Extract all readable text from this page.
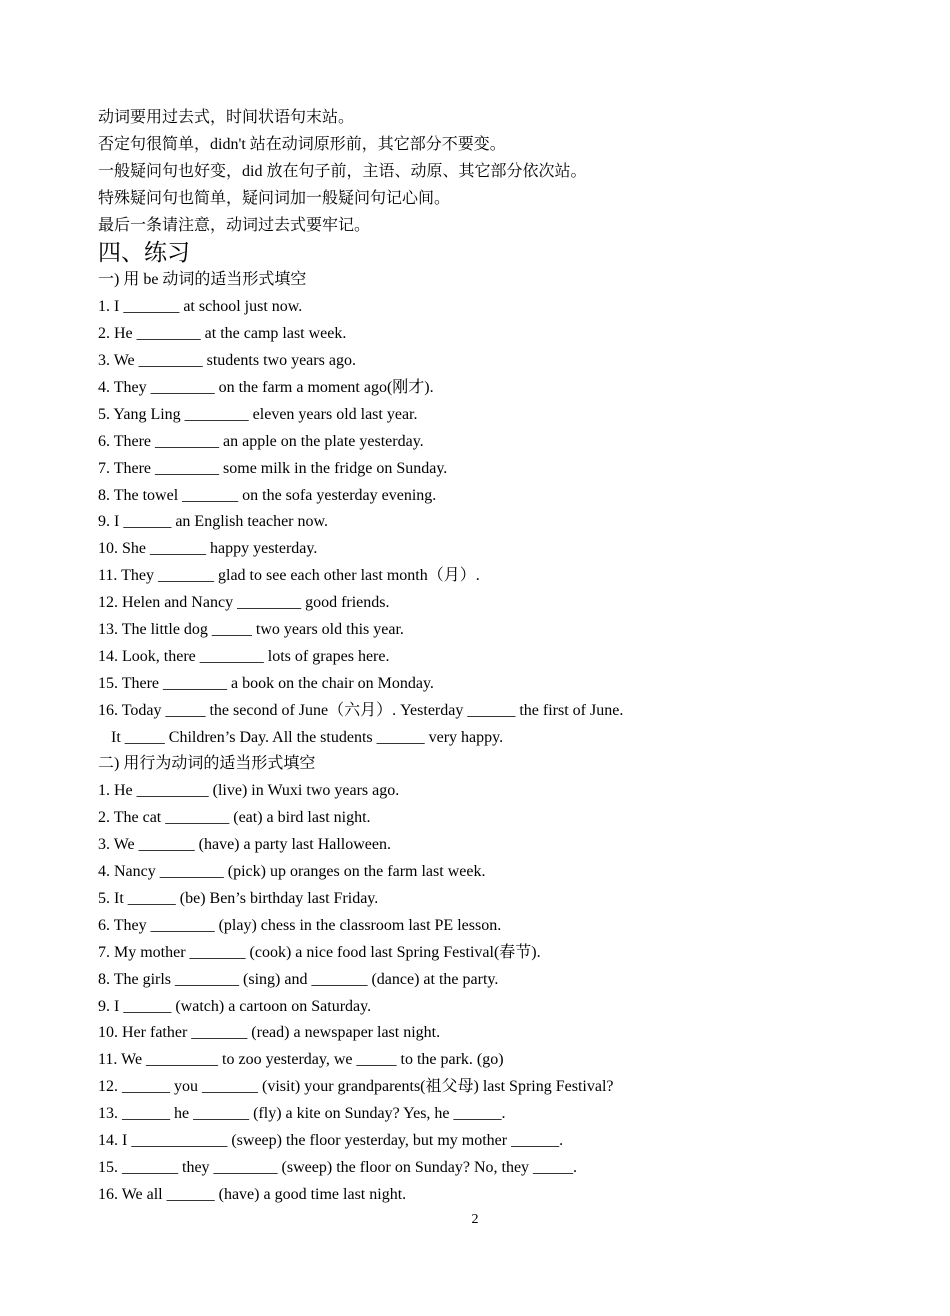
动词要用过去式，时间状语句末站。
否定句很简单，didn't 站在动词原形前，其它部分不要变。
一般疑问句也好变，did 放在句子前，主语、动原、其它部分依次站。
特殊疑问句也简单，疑问词加一般疑问句记心间。
最后一条请注意，动词过去式要牢记。
四、练习
一) 用 be 动词的适当形式填空
1. I _______ at school just now.
2. He ________ at the camp last week.
3. We ________ students two years ago.
4. They ________ on the farm a moment ago(刚才).
5. Yang Ling ________ eleven years old last year.
6. There ________ an apple on the plate yesterday.
7. There ________ some milk in the fridge on Sunday.
8. The towel _______ on the sofa yesterday evening.
9. I ______ an English teacher now.
10. She _______ happy yesterday.
11. They _______ glad to see each other last month（月）.
12. Helen and Nancy ________ good friends.
13. The little dog _____ two years old this year.
14. Look, there ________ lots of grapes here.
15. There ________ a book on the chair on Monday.
16. Today _____ the second of June（六月）. Yesterday ______ the first of June.
It _____ Children’s Day. All the students ______ very happy.
二) 用行为动词的适当形式填空
1. He _________ (live) in Wuxi two years ago.
2. The cat ________ (eat) a bird last night.
3. We _______ (have) a party last Halloween.
4. Nancy ________ (pick) up oranges on the farm last week.
5. It ______ (be) Ben’s birthday last Friday.
6. They ________ (play) chess in the classroom last PE lesson.
7. My mother _______ (cook) a nice food last Spring Festival(春节).
8. The girls ________ (sing) and _______ (dance) at the party.
9. I ______ (watch) a cartoon on Saturday.
10. Her father _______ (read) a newspaper last night.
11. We _________ to zoo yesterday, we _____ to the park. (go)
12. ______ you _______ (visit) your grandparents(祖父母) last Spring Festival?
13. ______ he _______ (fly) a kite on Sunday? Yes, he ______.
14. I ____________ (sweep) the floor yesterday, but my mother ______.
15. _______ they ________ (sweep) the floor on Sunday? No, they _____.
16. We all ______ (have) a good time last night.
2
